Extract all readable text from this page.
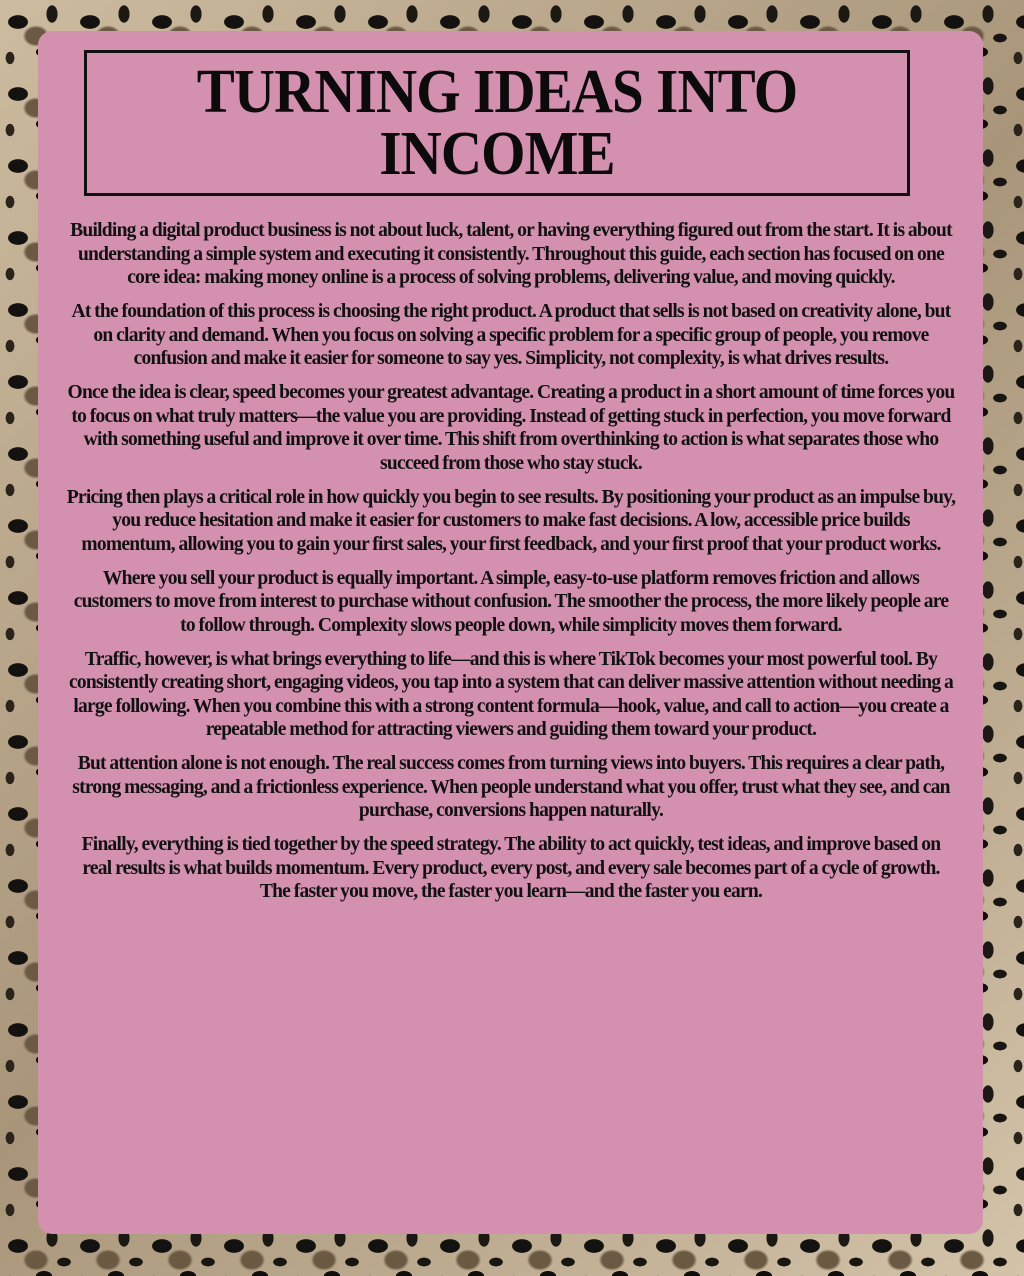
TURNING IDEAS INTO INCOME

Building a digital product business is not about luck, talent, or having everything figured out from the start. It is about understanding a simple system and executing it consistently. Throughout this guide, each section has focused on one core idea: making money online is a process of solving problems, delivering value, and moving quickly.

At the foundation of this process is choosing the right product. A product that sells is not based on creativity alone, but on clarity and demand. When you focus on solving a specific problem for a specific group of people, you remove confusion and make it easier for someone to say yes. Simplicity, not complexity, is what drives results.

Once the idea is clear, speed becomes your greatest advantage. Creating a product in a short amount of time forces you to focus on what truly matters—the value you are providing. Instead of getting stuck in perfection, you move forward with something useful and improve it over time. This shift from overthinking to action is what separates those who succeed from those who stay stuck.

Pricing then plays a critical role in how quickly you begin to see results. By positioning your product as an impulse buy, you reduce hesitation and make it easier for customers to make fast decisions. A low, accessible price builds momentum, allowing you to gain your first sales, your first feedback, and your first proof that your product works.

Where you sell your product is equally important. A simple, easy-to-use platform removes friction and allows customers to move from interest to purchase without confusion. The smoother the process, the more likely people are to follow through. Complexity slows people down, while simplicity moves them forward.

Traffic, however, is what brings everything to life—and this is where TikTok becomes your most powerful tool. By consistently creating short, engaging videos, you tap into a system that can deliver massive attention without needing a large following. When you combine this with a strong content formula—hook, value, and call to action—you create a repeatable method for attracting viewers and guiding them toward your product.

But attention alone is not enough. The real success comes from turning views into buyers. This requires a clear path, strong messaging, and a frictionless experience. When people understand what you offer, trust what they see, and can purchase, conversions happen naturally.

Finally, everything is tied together by the speed strategy. The ability to act quickly, test ideas, and improve based on real results is what builds momentum. Every product, every post, and every sale becomes part of a cycle of growth. The faster you move, the faster you learn—and the faster you earn.
